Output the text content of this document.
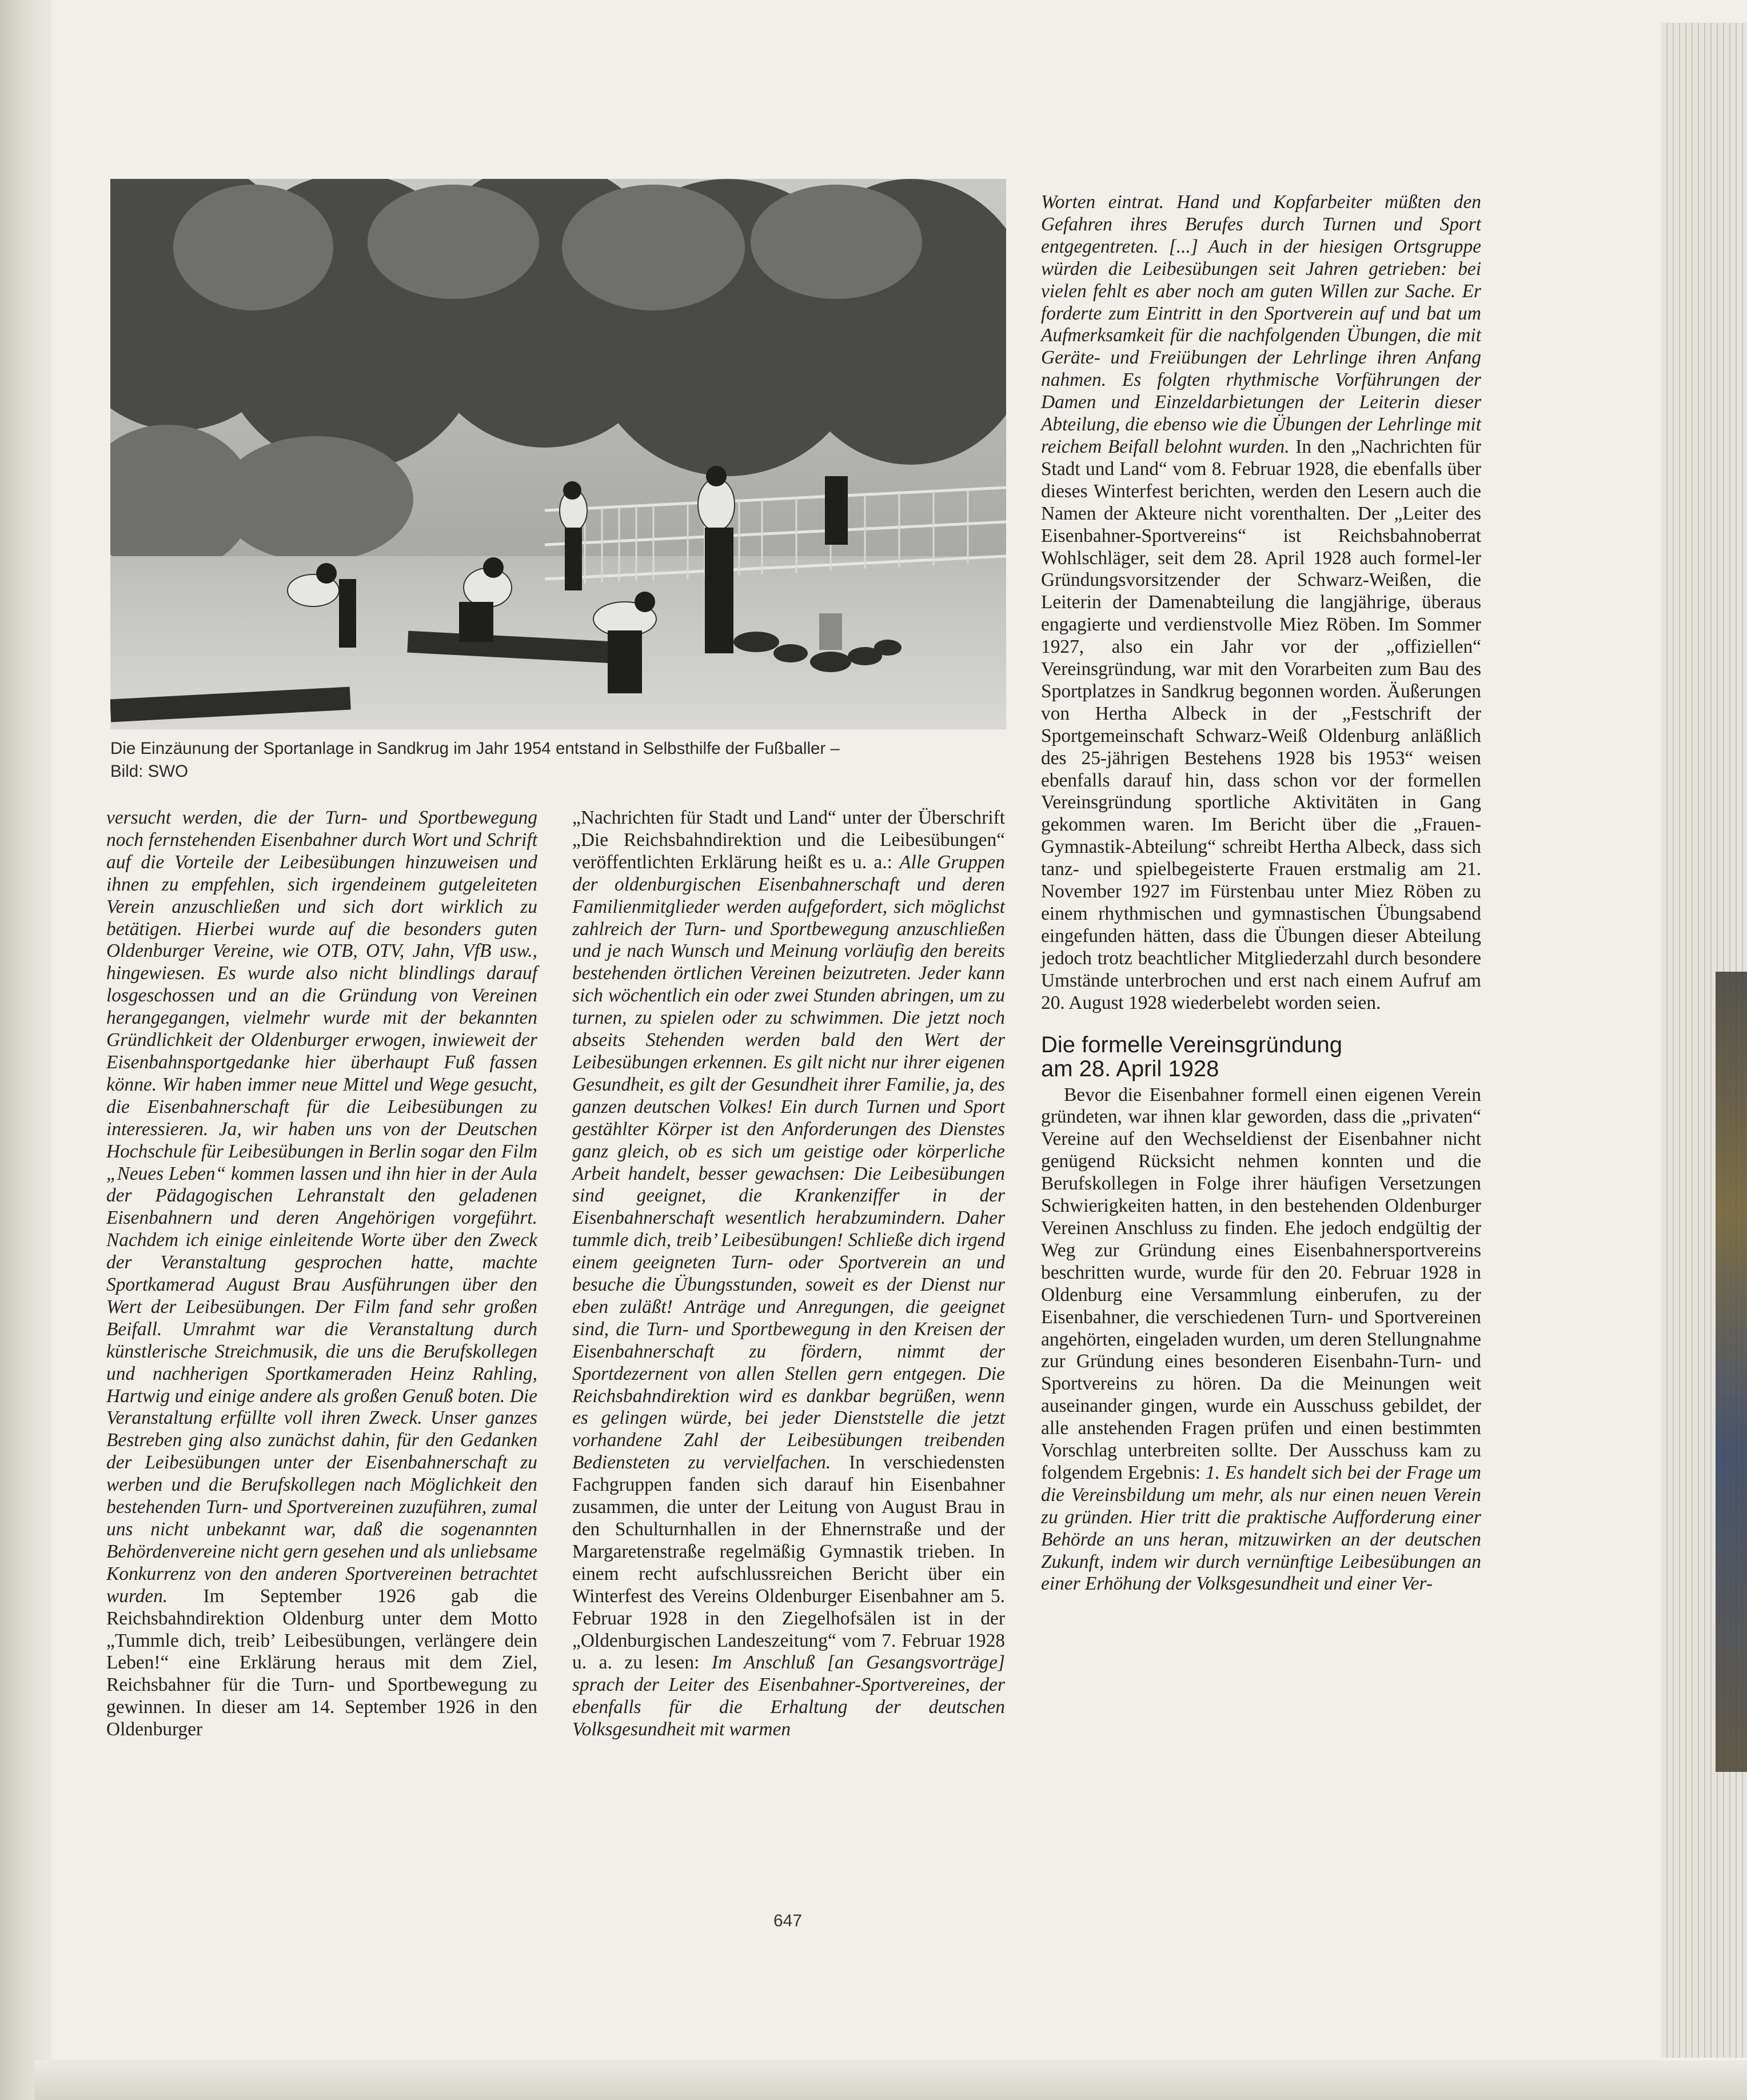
Die Einzäunung der Sportanlage in Sandkrug im Jahr 1954 entstand in Selbsthilfe der Fußballer –
Bild: SWO

versucht werden, die der Turn- und Sportbewegung noch fernstehenden Eisenbahner durch Wort und Schrift auf die Vorteile der Leibesübungen hinzuweisen und ihnen zu empfehlen, sich irgendeinem gutgeleiteten Verein anzuschließen und sich dort wirklich zu betätigen. Hierbei wurde auf die besonders guten Oldenburger Vereine, wie OTB, OTV, Jahn, VfB usw., hingewiesen. Es wurde also nicht blindlings darauf losgeschossen und an die Gründung von Vereinen herangegangen, vielmehr wurde mit der bekannten Gründlichkeit der Oldenburger erwogen, inwieweit der Eisenbahnsportgedanke hier überhaupt Fuß fassen könne. Wir haben immer neue Mittel und Wege gesucht, die Eisenbahnerschaft für die Leibesübungen zu interessieren. Ja, wir haben uns von der Deutschen Hochschule für Leibesübungen in Berlin sogar den Film „Neues Leben“ kommen lassen und ihn hier in der Aula der Pädagogischen Lehranstalt den geladenen Eisenbahnern und deren Angehörigen vorgeführt. Nachdem ich einige einleitende Worte über den Zweck der Veranstaltung gesprochen hatte, machte Sportkamerad August Brau Ausführungen über den Wert der Leibesübungen. Der Film fand sehr großen Beifall. Umrahmt war die Veranstaltung durch künstlerische Streichmusik, die uns die Berufskollegen und nachherigen Sportkameraden Heinz Rahling, Hartwig und einige andere als großen Genuß boten. Die Veranstaltung erfüllte voll ihren Zweck. Unser ganzes Bestreben ging also zunächst dahin, für den Gedanken der Leibesübungen unter der Eisenbahnerschaft zu werben und die Berufskollegen nach Möglichkeit den bestehenden Turn- und Sportvereinen zuzuführen, zumal uns nicht unbekannt war, daß die sogenannten Behördenvereine nicht gern gesehen und als unliebsame Konkurrenz von den anderen Sportvereinen betrachtet wurden. Im September 1926 gab die Reichsbahndirektion Oldenburg unter dem Motto „Tummle dich, treib’ Leibesübungen, verlängere dein Leben!“ eine Erklärung heraus mit dem Ziel, Reichsbahner für die Turn- und Sportbewegung zu gewinnen. In dieser am 14. September 1926 in den Oldenburger

„Nachrichten für Stadt und Land“ unter der Überschrift „Die Reichsbahndirektion und die Leibesübungen“ veröffentlichten Erklärung heißt es u. a.: Alle Gruppen der oldenburgischen Eisenbahnerschaft und deren Familienmitglieder werden aufgefordert, sich möglichst zahlreich der Turn- und Sportbewegung anzuschließen und je nach Wunsch und Meinung vorläufig den bereits bestehenden örtlichen Vereinen beizutreten. Jeder kann sich wöchentlich ein oder zwei Stunden abringen, um zu turnen, zu spielen oder zu schwimmen. Die jetzt noch abseits Stehenden werden bald den Wert der Leibesübungen erkennen. Es gilt nicht nur ihrer eigenen Gesundheit, es gilt der Gesundheit ihrer Familie, ja, des ganzen deutschen Volkes! Ein durch Turnen und Sport gestählter Körper ist den Anforderungen des Dienstes ganz gleich, ob es sich um geistige oder körperliche Arbeit handelt, besser gewachsen: Die Leibesübungen sind geeignet, die Krankenziffer in der Eisenbahnerschaft wesentlich herabzumindern. Daher tummle dich, treib’ Leibesübungen! Schließe dich irgend einem geeigneten Turn- oder Sportverein an und besuche die Übungsstunden, soweit es der Dienst nur eben zuläßt! Anträge und Anregungen, die geeignet sind, die Turn- und Sportbewegung in den Kreisen der Eisenbahnerschaft zu fördern, nimmt der Sportdezernent von allen Stellen gern entgegen. Die Reichsbahndirektion wird es dankbar begrüßen, wenn es gelingen würde, bei jeder Dienststelle die jetzt vorhandene Zahl der Leibesübungen treibenden Bediensteten zu vervielfachen. In verschiedensten Fachgruppen fanden sich darauf hin Eisenbahner zusammen, die unter der Leitung von August Brau in den Schulturnhallen in der Ehnernstraße und der Margaretenstraße regelmäßig Gymnastik trieben. In einem recht aufschlussreichen Bericht über ein Winterfest des Vereins Oldenburger Eisenbahner am 5. Februar 1928 in den Ziegelhofsälen ist in der „Oldenburgischen Landeszeitung“ vom 7. Februar 1928 u. a. zu lesen: Im Anschluß [an Gesangsvorträge] sprach der Leiter des Eisenbahner-Sportvereines, der ebenfalls für die Erhaltung der deutschen Volksgesundheit mit warmen

Worten eintrat. Hand und Kopfarbeiter müßten den Gefahren ihres Berufes durch Turnen und Sport entgegentreten. [...] Auch in der hiesigen Ortsgruppe würden die Leibesübungen seit Jahren getrieben: bei vielen fehlt es aber noch am guten Willen zur Sache. Er forderte zum Eintritt in den Sportverein auf und bat um Aufmerksamkeit für die nachfolgenden Übungen, die mit Geräte- und Freiübungen der Lehrlinge ihren Anfang nahmen. Es folgten rhythmische Vorführungen der Damen und Einzeldarbietungen der Leiterin dieser Abteilung, die ebenso wie die Übungen der Lehrlinge mit reichem Beifall belohnt wurden. In den „Nachrichten für Stadt und Land“ vom 8. Februar 1928, die ebenfalls über dieses Winterfest berichten, werden den Lesern auch die Namen der Akteure nicht vorenthalten. Der „Leiter des Eisenbahner-Sportvereins“ ist Reichsbahnoberrat Wohlschläger, seit dem 28. April 1928 auch formel-ler Gründungsvorsitzender der Schwarz-Weißen, die Leiterin der Damenabteilung die langjährige, überaus engagierte und verdienstvolle Miez Röben. Im Sommer 1927, also ein Jahr vor der „offiziellen“ Vereinsgründung, war mit den Vorarbeiten zum Bau des Sportplatzes in Sandkrug begonnen worden. Äußerungen von Hertha Albeck in der „Festschrift der Sportgemeinschaft Schwarz-Weiß Oldenburg anläßlich des 25-jährigen Bestehens 1928 bis 1953“ weisen ebenfalls darauf hin, dass schon vor der formellen Vereinsgründung sportliche Aktivitäten in Gang gekommen waren. Im Bericht über die „Frauen-Gymnastik-Abteilung“ schreibt Hertha Albeck, dass sich tanz- und spielbegeisterte Frauen erstmalig am 21. November 1927 im Fürstenbau unter Miez Röben zu einem rhythmischen und gymnastischen Übungsabend eingefunden hätten, dass die Übungen dieser Abteilung jedoch trotz beachtlicher Mitgliederzahl durch besondere Umstände unterbrochen und erst nach einem Aufruf am 20. August 1928 wiederbelebt worden seien.

Die formelle Vereinsgründung
am 28. April 1928

Bevor die Eisenbahner formell einen eigenen Verein gründeten, war ihnen klar geworden, dass die „privaten“ Vereine auf den Wechseldienst der Eisenbahner nicht genügend Rücksicht nehmen konnten und die Berufskollegen in Folge ihrer häufigen Versetzungen Schwierigkeiten hatten, in den bestehenden Oldenburger Vereinen Anschluss zu finden. Ehe jedoch endgültig der Weg zur Gründung eines Eisenbahnersportvereins beschritten wurde, wurde für den 20. Februar 1928 in Oldenburg eine Versammlung einberufen, zu der Eisenbahner, die verschiedenen Turn- und Sportvereinen angehörten, eingeladen wurden, um deren Stellungnahme zur Gründung eines besonderen Eisenbahn-Turn- und Sportvereins zu hören. Da die Meinungen weit auseinander gingen, wurde ein Ausschuss gebildet, der alle anstehenden Fragen prüfen und einen bestimmten Vorschlag unterbreiten sollte. Der Ausschuss kam zu folgendem Ergebnis: 1. Es handelt sich bei der Frage um die Vereinsbildung um mehr, als nur einen neuen Verein zu gründen. Hier tritt die praktische Aufforderung einer Behörde an uns heran, mitzuwirken an der deutschen Zukunft, indem wir durch vernünftige Leibesübungen an einer Erhöhung der Volksgesundheit und einer Ver-

647
